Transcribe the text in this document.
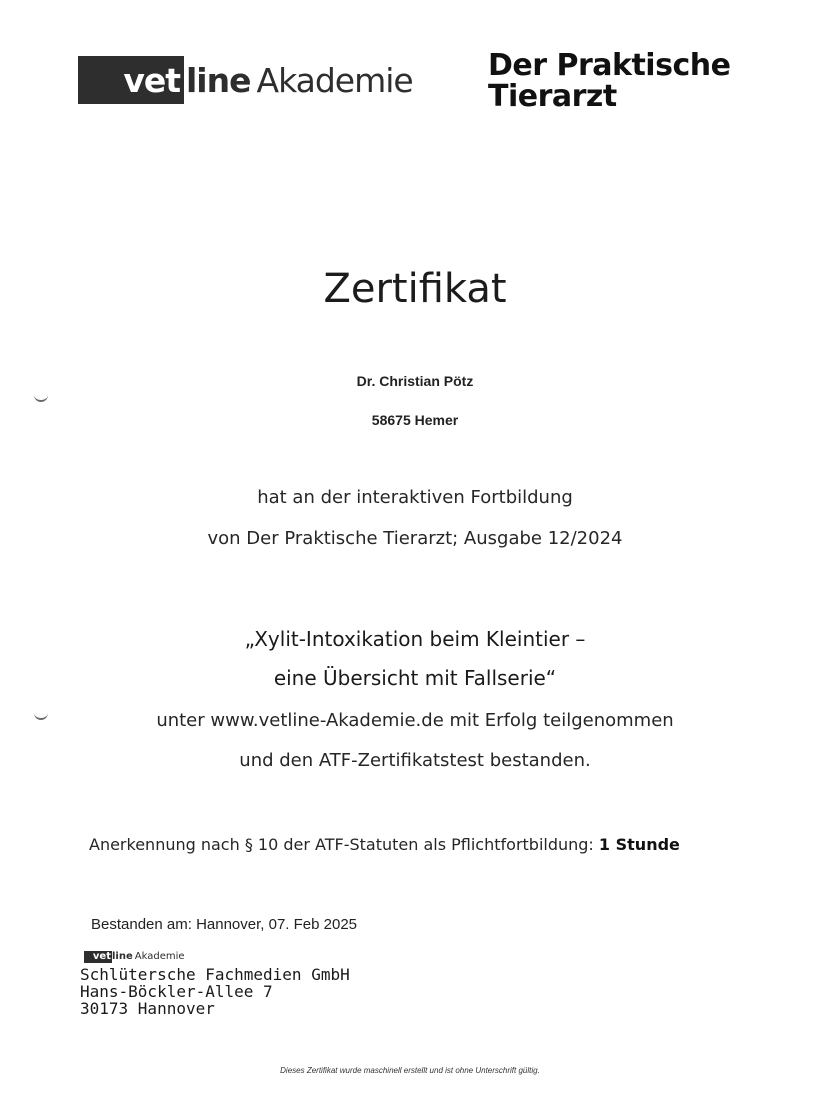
vet line Akademie	Der Praktische
Tierarzt
Zertifikat
Dr. Christian Pötz
58675 Hemer
hat an der interaktiven Fortbildung
von Der Praktische Tierarzt; Ausgabe 12/2024
„Xylit-Intoxikation beim Kleintier –
eine Übersicht mit Fallserie“
unter www.vetline-Akademie.de mit Erfolg teilgenommen
und den ATF-Zertifikatstest bestanden.
Anerkennung nach § 10 der ATF-Statuten als Pflichtfortbildung: 1 Stunde
Bestanden am: Hannover, 07. Feb 2025
vet line Akademie
Schlütersche Fachmedien GmbH
Hans-Böckler-Allee 7
30173 Hannover
Dieses Zertifikat wurde maschinell erstellt und ist ohne Unterschrift gültig.
